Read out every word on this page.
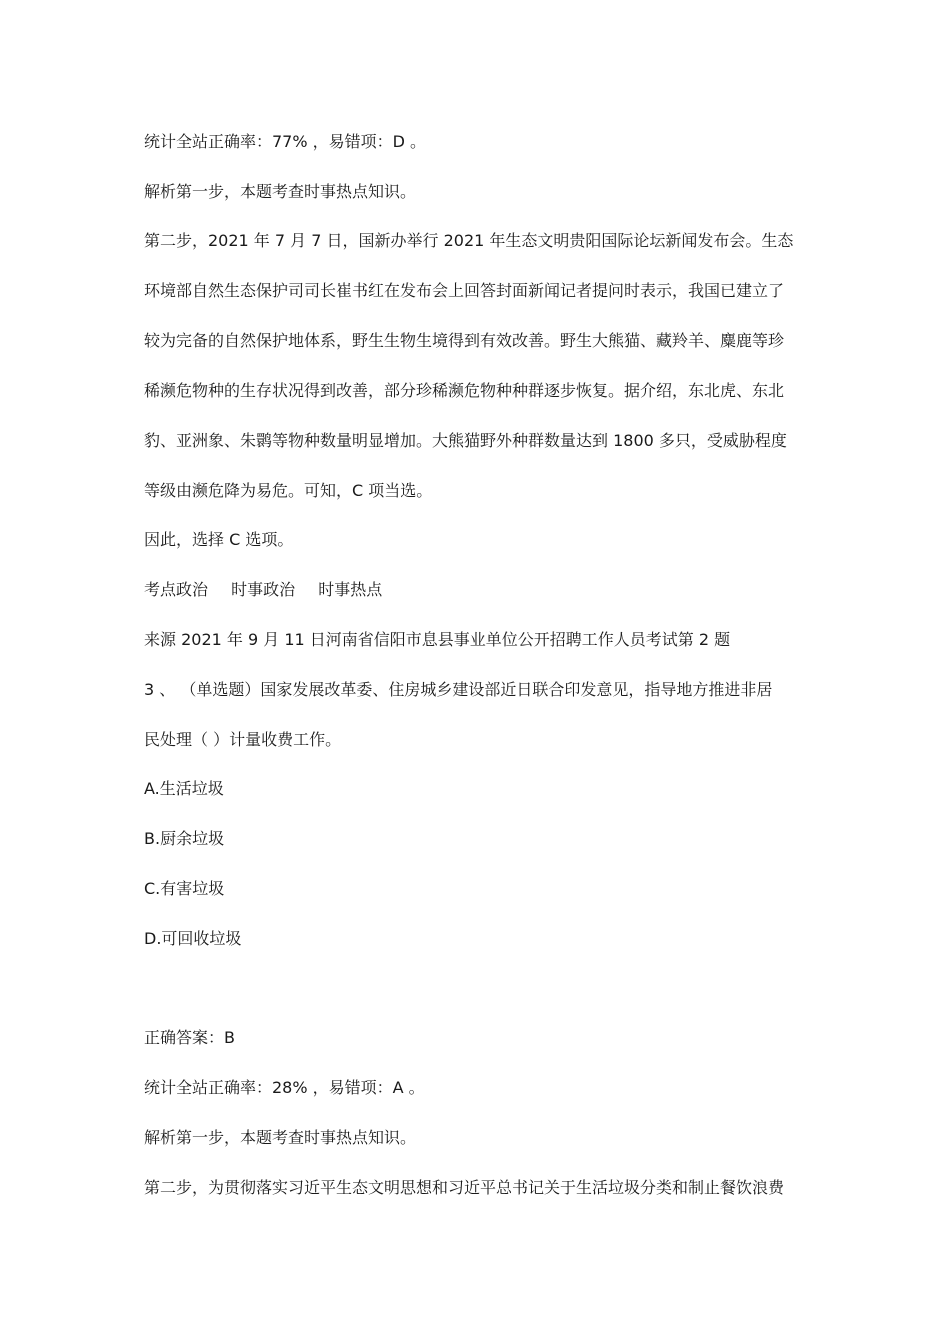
统计全站正确率：77% ，易错项：D 。
解析第一步，本题考查时事热点知识。
第二步，2021 年 7 月 7 日，国新办举行 2021 年生态文明贵阳国际论坛新闻发布会。生态
环境部自然生态保护司司长崔书红在发布会上回答封面新闻记者提问时表示，我国已建立了
较为完备的自然保护地体系，野生生物生境得到有效改善。野生大熊猫、藏羚羊、麋鹿等珍
稀濒危物种的生存状况得到改善，部分珍稀濒危物种种群逐步恢复。据介绍，东北虎、东北
豹、亚洲象、朱鹮等物种数量明显增加。大熊猫野外种群数量达到 1800 多只，受威胁程度
等级由濒危降为易危。可知，C 项当选。
因此，选择 C 选项。
考点政治 时事政治 时事热点
来源 2021 年 9 月 11 日河南省信阳市息县事业单位公开招聘工作人员考试第 2 题
3 、 （单选题）国家发展改革委、住房城乡建设部近日联合印发意见，指导地方推进非居
民处理（ ）计量收费工作。
A.生活垃圾
B.厨余垃圾
C.有害垃圾
D.可回收垃圾
正确答案：B
统计全站正确率：28% ，易错项：A 。
解析第一步，本题考查时事热点知识。
第二步，为贯彻落实习近平生态文明思想和习近平总书记关于生活垃圾分类和制止餐饮浪费
